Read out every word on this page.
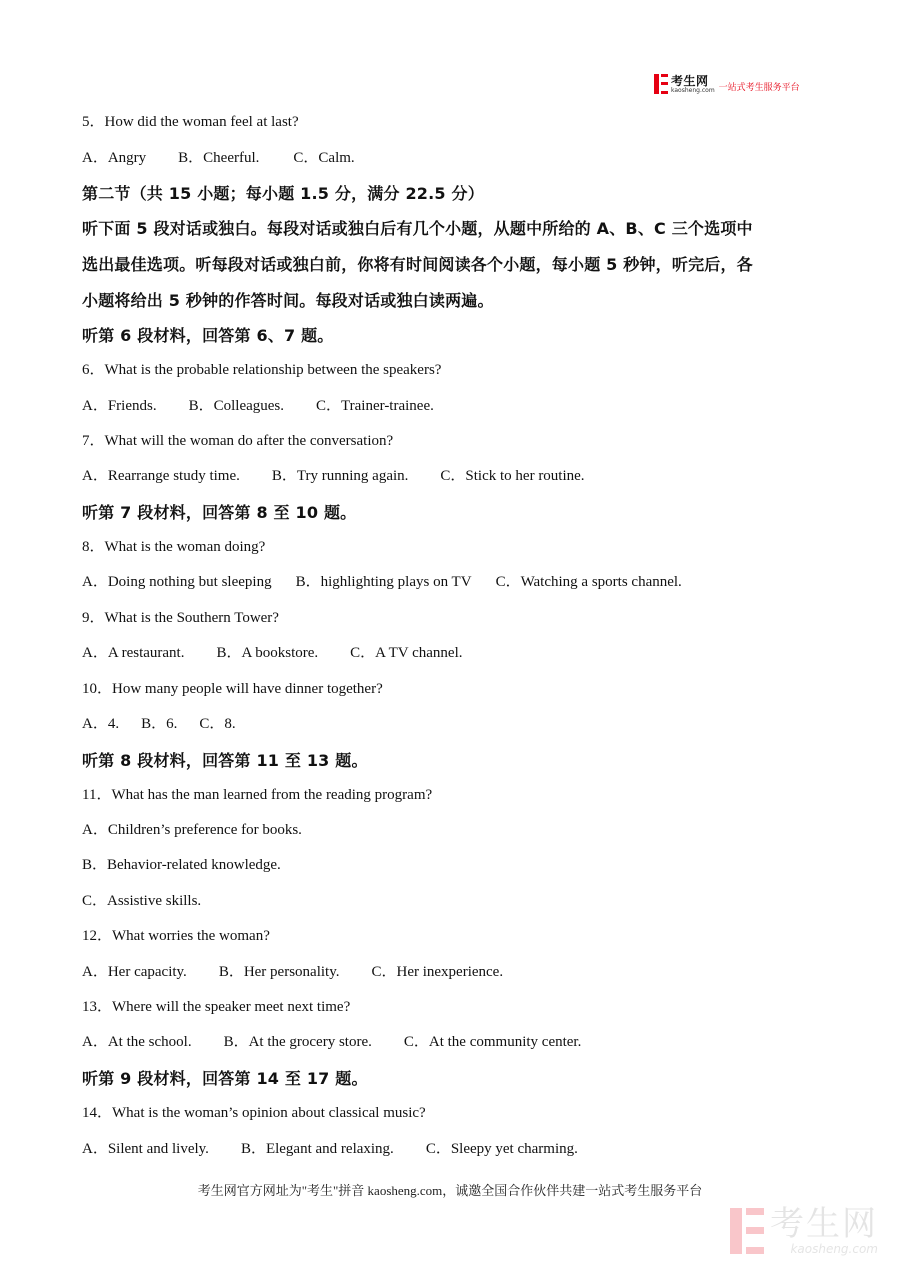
考生网
kaosheng.com 一站式考生服务平台
5．How did the woman feel at last?
A．Angry B．Cheerful. C．Calm.
第二节（共 15 小题；每小题 1.5 分，满分 22.5 分）
听下面 5 段对话或独白。每段对话或独白后有几个小题，从题中所给的 A、B、C 三个选项中
选出最佳选项。听每段对话或独白前，你将有时间阅读各个小题，每小题 5 秒钟，听完后，各
小题将给出 5 秒钟的作答时间。每段对话或独白读两遍。
听第 6 段材料，回答第 6、7 题。
6．What is the probable relationship between the speakers?
A．Friends. B．Colleagues. C．Trainer-trainee.
7．What will the woman do after the conversation?
A．Rearrange study time. B．Try running again. C．Stick to her routine.
听第 7 段材料，回答第 8 至 10 题。
8．What is the woman doing?
A．Doing nothing but sleeping B．highlighting plays on TV C．Watching a sports channel.
9．What is the Southern Tower?
A．A restaurant. B．A bookstore. C．A TV channel.
10．How many people will have dinner together?
A．4. B．6. C．8.
听第 8 段材料，回答第 11 至 13 题。
11．What has the man learned from the reading program?
A．Children’s preference for books.
B．Behavior-related knowledge.
C．Assistive skills.
12．What worries the woman?
A．Her capacity. B．Her personality. C．Her inexperience.
13．Where will the speaker meet next time?
A．At the school. B．At the grocery store. C．At the community center.
听第 9 段材料，回答第 14 至 17 题。
14．What is the woman’s opinion about classical music?
A．Silent and lively. B．Elegant and relaxing. C．Sleepy yet charming.
考生网官方网址为"考生"拼音 kaosheng.com，诚邀全国合作伙伴共建一站式考生服务平台
考生网
kaosheng.com
